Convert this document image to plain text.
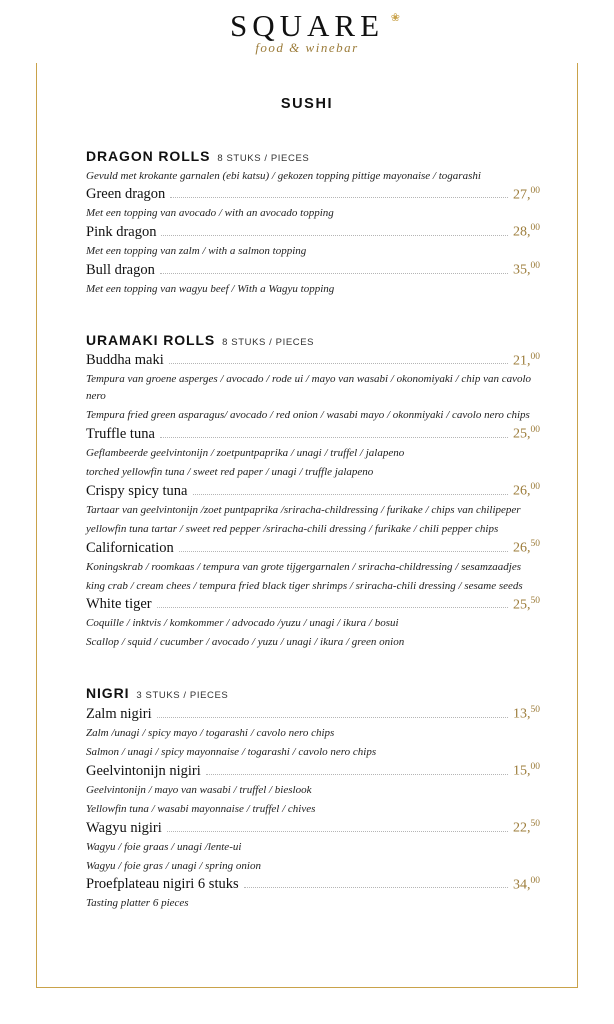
SQUARE ❀
food & winebar
SUSHI
DRAGON ROLLS 8 STUKS / PIECES
Gevuld met krokante garnalen (ebi katsu) / gekozen topping pittige mayonaise / togarashi
Green dragon	27,00
Met een topping van avocado / with an avocado topping
Pink dragon	28,00
Met een topping van zalm / with a salmon topping
Bull dragon	35,00
Met een topping van wagyu beef / With a Wagyu topping
URAMAKI ROLLS 8 STUKS / PIECES
Buddha maki	21,00
Tempura van groene asperges / avocado / rode ui / mayo van wasabi / okonomiyaki / chip van cavolo nero
Tempura fried green asparagus/ avocado / red onion / wasabi mayo / okonmiyaki / cavolo nero chips
Truffle tuna	25,00
Geflambeerde geelvintonijn / zoetpuntpaprika / unagi / truffel / jalapeno
torched yellowfin tuna / sweet red paper / unagi / truffle jalapeno
Crispy spicy tuna	26,00
Tartaar van geelvintonijn /zoet puntpaprika /sriracha-childressing / furikake / chips van chilipeper
yellowfin tuna tartar / sweet red pepper /sriracha-chili dressing / furikake / chili pepper chips
Californication	26,50
Koningskrab / roomkaas / tempura van grote tijgergarnalen / sriracha-childressing / sesamzaadjes
king crab / cream chees / tempura fried black tiger shrimps / sriracha-chili dressing / sesame seeds
White tiger	25,50
Coquille / inktvis / komkommer / advocado /yuzu / unagi / ikura / bosui
Scallop / squid / cucumber / avocado / yuzu / unagi / ikura / green onion
NIGRI 3 STUKS / PIECES
Zalm nigiri	13,50
Zalm /unagi / spicy mayo / togarashi / cavolo nero chips
Salmon / unagi / spicy mayonnaise / togarashi / cavolo nero chips
Geelvintonijn nigiri	15,00
Geelvintonijn / mayo van wasabi / truffel / bieslook
Yellowfin tuna / wasabi mayonnaise / truffel / chives
Wagyu nigiri	22,50
Wagyu / foie graas / unagi /lente-ui
Wagyu / foie gras / unagi / spring onion
Proefplateau nigiri 6 stuks	34,00
Tasting platter 6 pieces
